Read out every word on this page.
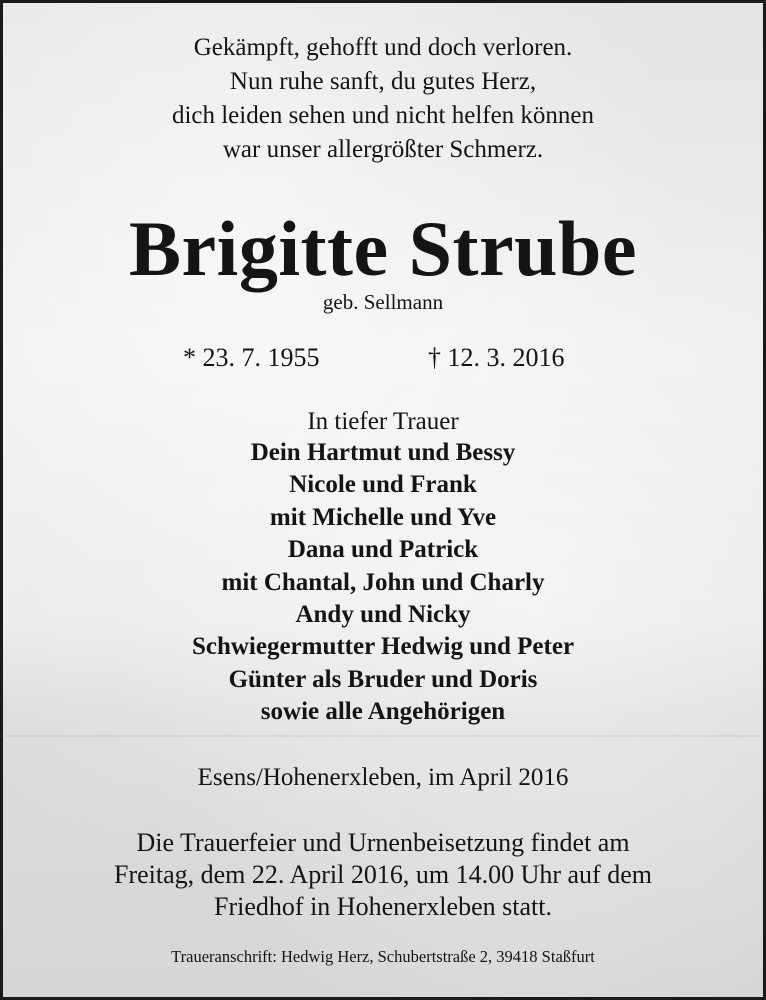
Gekämpft, gehofft und doch verloren.
Nun ruhe sanft, du gutes Herz,
dich leiden sehen und nicht helfen können
war unser allergrößter Schmerz.
Brigitte Strube
geb. Sellmann
* 23. 7. 1955	† 12. 3. 2016
In tiefer Trauer
Dein Hartmut und Bessy
Nicole und Frank
mit Michelle und Yve
Dana und Patrick
mit Chantal, John und Charly
Andy und Nicky
Schwiegermutter Hedwig und Peter
Günter als Bruder und Doris
sowie alle Angehörigen
Esens/Hohenerxleben, im April 2016
Die Trauerfeier und Urnenbeisetzung findet am
Freitag, dem 22. April 2016, um 14.00 Uhr auf dem
Friedhof in Hohenerxleben statt.
Traueranschrift: Hedwig Herz, Schubertstraße 2, 39418 Staßfurt
